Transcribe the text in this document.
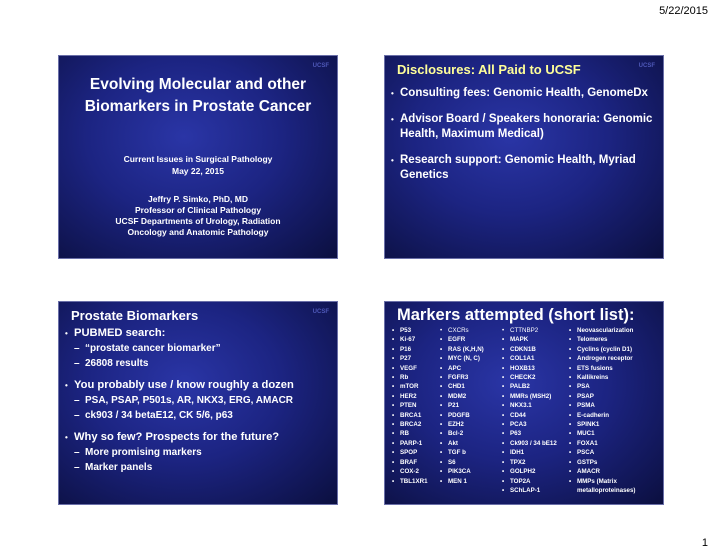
5/22/2015
UCSF
Evolving Molecular and other
Biomarkers in Prostate Cancer
Current Issues in Surgical Pathology
May 22, 2015
Jeffry P. Simko, PhD, MD
Professor of Clinical Pathology
UCSF Departments of Urology, Radiation
Oncology and Anatomic Pathology
UCSF
Disclosures: All Paid to UCSF
• Consulting fees: Genomic Health, GenomeDx
• Advisor Board / Speakers honoraria: Genomic Health, Maximum Medical)
• Research support: Genomic Health, Myriad Genetics
UCSF
Prostate Biomarkers
• PUBMED search:
– “prostate cancer biomarker”
– 26808 results
• You probably use / know roughly a dozen
– PSA, PSAP, P501s, AR, NKX3, ERG, AMACR
– ck903 / 34 betaE12, CK 5/6, p63
• Why so few? Prospects for the future?
– More promising markers
– Marker panels
Markers attempted (short list):
• P53
• Ki-67
• P16
• P27
• VEGF
• Rb
• mTOR
• HER2
• PTEN
• BRCA1
• BRCA2
• RB
• PARP-1
• SPOP
• BRAF
• COX-2
• TBL1XR1
• CXCRs
• EGFR
• RAS (K,H,N)
• MYC (N, C)
• APC
• FGFR3
• CHD1
• MDM2
• P21
• PDGFB
• EZH2
• Bcl-2
• Akt
• TGF b
• S6
• PIK3CA
• MEN 1
• CTTNBP2
• MAPK
• CDKN1B
• COL1A1
• HOXB13
• CHECK2
• PALB2
• MMRs (MSH2)
• NKX3.1
• CD44
• PCA3
• P63
• Ck903 / 34 bE12
• IDH1
• TPX2
• GOLPH2
• TOP2A
• SChLAP-1
• Neovascularization
• Telomeres
• Cyclins (cyclin D1)
• Androgen receptor
• ETS fusions
• Kallikreins
• PSA
• PSAP
• PSMA
• E-cadherin
• SPINK1
• MUC1
• FOXA1
• PSCA
• GSTPs
• AMACR
• MMPs (Matrix
metalloproteinases)
1
